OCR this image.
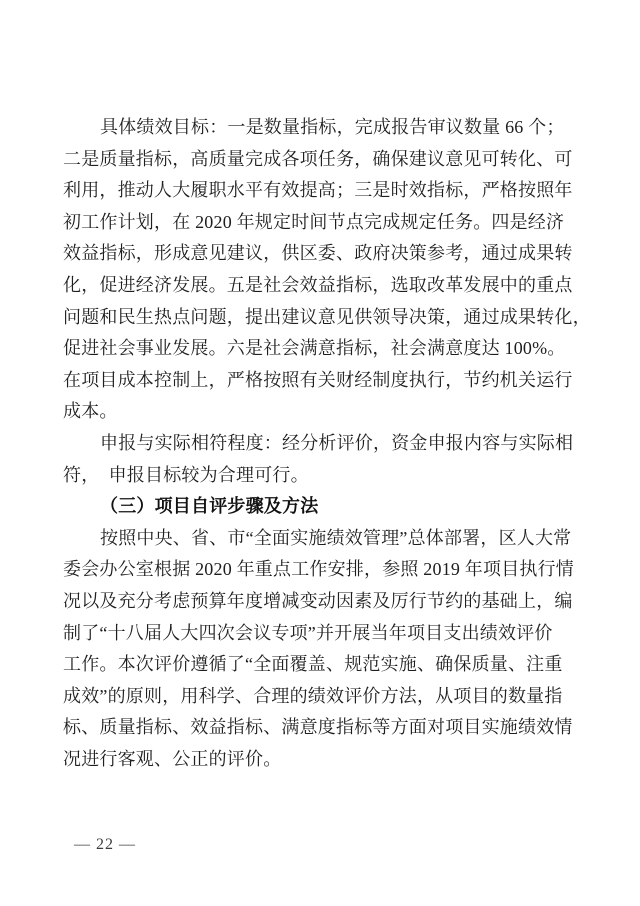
具体绩效目标：一是数量指标，完成报告审议数量 66 个；
二是质量指标，高质量完成各项任务，确保建议意见可转化、可
利用，推动人大履职水平有效提高；三是时效指标，严格按照年
初工作计划，在 2020 年规定时间节点完成规定任务。四是经济
效益指标，形成意见建议，供区委、政府决策参考，通过成果转
化，促进经济发展。五是社会效益指标，选取改革发展中的重点
问题和民生热点问题，提出建议意见供领导决策，通过成果转化，
促进社会事业发展。六是社会满意指标，社会满意度达 100%。
在项目成本控制上，严格按照有关财经制度执行，节约机关运行
成本。
申报与实际相符程度：经分析评价，资金申报内容与实际相
符，　申报目标较为合理可行。
（三）项目自评步骤及方法
按照中央、省、市“全面实施绩效管理”总体部署，区人大常
委会办公室根据 2020 年重点工作安排，参照 2019 年项目执行情
况以及充分考虑预算年度增减变动因素及厉行节约的基础上，编
制了“十八届人大四次会议专项”并开展当年项目支出绩效评价
工作。本次评价遵循了“全面覆盖、规范实施、确保质量、注重
成效”的原则，用科学、合理的绩效评价方法，从项目的数量指
标、质量指标、效益指标、满意度指标等方面对项目实施绩效情
况进行客观、公正的评价。
— 22 —
